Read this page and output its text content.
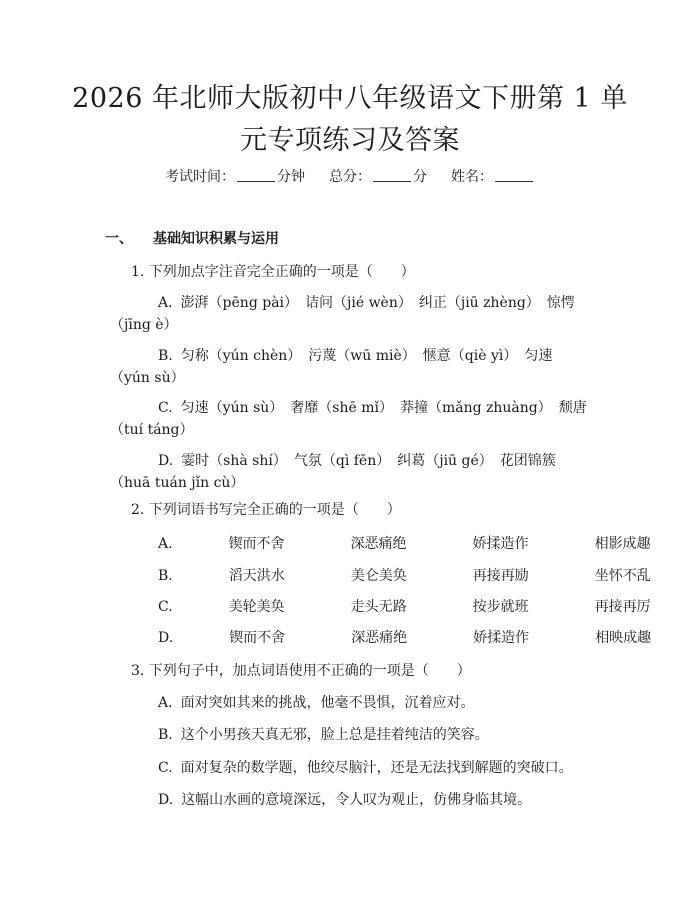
2026 年北师大版初中八年级语文下册第 1 单
元专项练习及答案
考试时间：	分钟 总分：	分 姓名：
一、 基础知识积累与运用
1. 下列加点字注音完全正确的一项是（　　）
A. 澎湃（pēng pài）　诘问（jié wèn）　纠正（jiū zhèng）　惊愕（jīng è）
B. 匀称（yún chèn）　污蔑（wū miè）　惬意（qiè yì）　匀速（yún sù）
C. 匀速（yún sù）　奢靡（shē mǐ）　莽撞（mǎng zhuàng）　颓唐（tuí táng）
D. 霎时（shà shí）　气氛（qì fēn）　纠葛（jiū gé）　花团锦簇（huā tuán jǐn cù）
2. 下列词语书写完全正确的一项是（　　）
A.	锲而不舍	深恶痛绝	娇揉造作	相影成趣
B.	滔天洪水	美仑美奂	再接再励	坐怀不乱
C.	美轮美奂	走头无路	按步就班	再接再厉
D.	锲而不舍	深恶痛绝	娇揉造作	相映成趣
3. 下列句子中，加点词语使用不正确的一项是（　　）
A. 面对突如其来的挑战，他毫不畏惧，沉着应对。
B. 这个小男孩天真无邪，脸上总是挂着纯洁的笑容。
C. 面对复杂的数学题，他绞尽脑汁，还是无法找到解题的突破口。
D. 这幅山水画的意境深远，令人叹为观止，仿佛身临其境。
